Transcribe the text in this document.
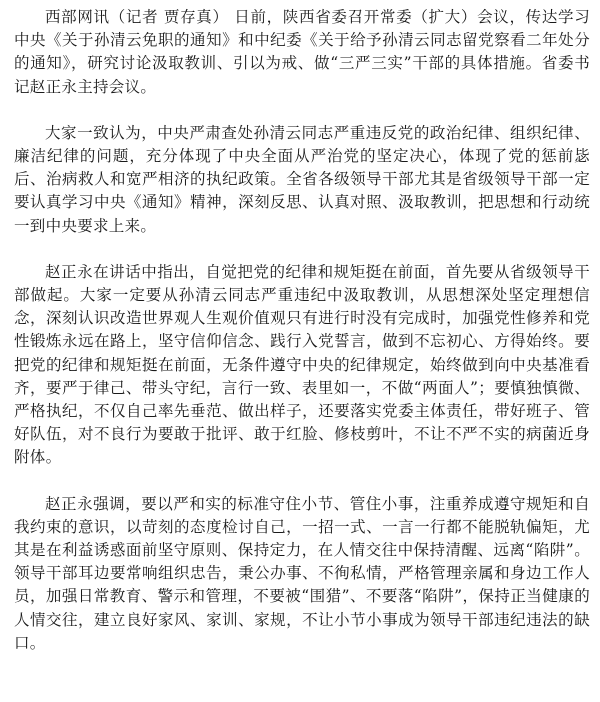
西部网讯（记者 贾存真） 日前，陕西省委召开常委（扩大）会议，传达学习中央《关于孙清云免职的通知》和中纪委《关于给予孙清云同志留党察看二年处分的通知》，研究讨论汲取教训、引以为戒、做“三严三实”干部的具体措施。省委书记赵正永主持会议。

大家一致认为，中央严肃查处孙清云同志严重违反党的政治纪律、组织纪律、廉洁纪律的问题，充分体现了中央全面从严治党的坚定决心，体现了党的惩前毖后、治病救人和宽严相济的执纪政策。全省各级领导干部尤其是省级领导干部一定要认真学习中央《通知》精神，深刻反思、认真对照、汲取教训，把思想和行动统一到中央要求上来。

赵正永在讲话中指出，自觉把党的纪律和规矩挺在前面，首先要从省级领导干部做起。大家一定要从孙清云同志严重违纪中汲取教训，从思想深处坚定理想信念，深刻认识改造世界观人生观价值观只有进行时没有完成时，加强党性修养和党性锻炼永远在路上，坚守信仰信念、践行入党誓言，做到不忘初心、方得始终。要把党的纪律和规矩挺在前面，无条件遵守中央的纪律规定，始终做到向中央基准看齐，要严于律己、带头守纪，言行一致、表里如一，不做“两面人”；要慎独慎微、严格执纪，不仅自己率先垂范、做出样子，还要落实党委主体责任，带好班子、管好队伍，对不良行为要敢于批评、敢于红脸、修枝剪叶，不让不严不实的病菌近身附体。

赵正永强调，要以严和实的标准守住小节、管住小事，注重养成遵守规矩和自我约束的意识，以苛刻的态度检讨自己，一招一式、一言一行都不能脱轨偏矩，尤其是在利益诱惑面前坚守原则、保持定力，在人情交往中保持清醒、远离“陷阱”。领导干部耳边要常响组织忠告，秉公办事、不徇私情，严格管理亲属和身边工作人员，加强日常教育、警示和管理，不要被“围猎”、不要落“陷阱”，保持正当健康的人情交往，建立良好家风、家训、家规，不让小节小事成为领导干部违纪违法的缺口。
